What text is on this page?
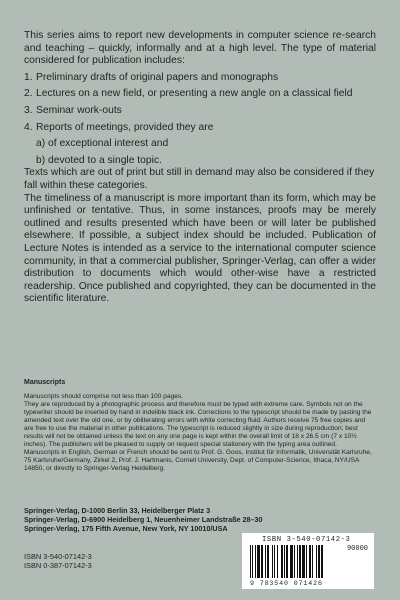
This series aims to report new developments in computer science re-search and teaching – quickly, informally and at a high level. The type of material considered for publication includes:

1. Preliminary drafts of original papers and monographs
2. Lectures on a new field, or presenting a new angle on a classical field
3. Seminar work-outs
4. Reports of meetings, provided they are
a) of exceptional interest and
b) devoted to a single topic.

Texts which are out of print but still in demand may also be considered if they fall within these categories.

The timeliness of a manuscript is more important than its form, which may be unfinished or tentative. Thus, in some instances, proofs may be merely outlined and results presented which have been or will later be published elsewhere. If possible, a subject index should be included. Publication of Lecture Notes is intended as a service to the international computer science community, in that a commercial publisher, Springer-Verlag, can offer a wider distribution to documents which would other-wise have a restricted readership. Once published and copyrighted, they can be documented in the scientific literature.

Manuscripts

Manuscripts should comprise not less than 100 pages.

They are reproduced by a photographic process and therefore must be typed with extreme care. Symbols not on the typewriter should be inserted by hand in indelible black ink. Corrections to the typescript should be made by pasting the amended text over the old one, or by obliterating errors with white correcting fluid. Authors receive 75 free copies and are free to use the material in other publications. The typescript is reduced slightly in size during reproduction; best results will not be obtained unless the text on any one page is kept within the overall limit of 18 x 26.5 cm (7 x 10½ inches). The publishers will be pleased to supply on request special stationery with the typing area outlined.

Manuscripts in English, German or French should be sent to Prof. G. Goos, Institut für Informatik, Universität Karlsruhe, 75 Karlsruhe/Germany, Zirkel 2, Prof. J. Hartmanis, Cornell University, Dept. of Computer-Science, Ithaca, NY/USA 14850, or directly to Springer-Verlag Heidelberg.

Springer-Verlag, D-1000 Berlin 33, Heidelberger Platz 3
Springer-Verlag, D-6900 Heidelberg 1, Neuenheimer Landstraße 28–30
Springer-Verlag, 175 Fifth Avenue, New York, NY 10010/USA
ISBN 3-540-07142-3
ISBN 0-387-07142-3
ISBN 3-540-07142-3
90000
9 783540 071426
